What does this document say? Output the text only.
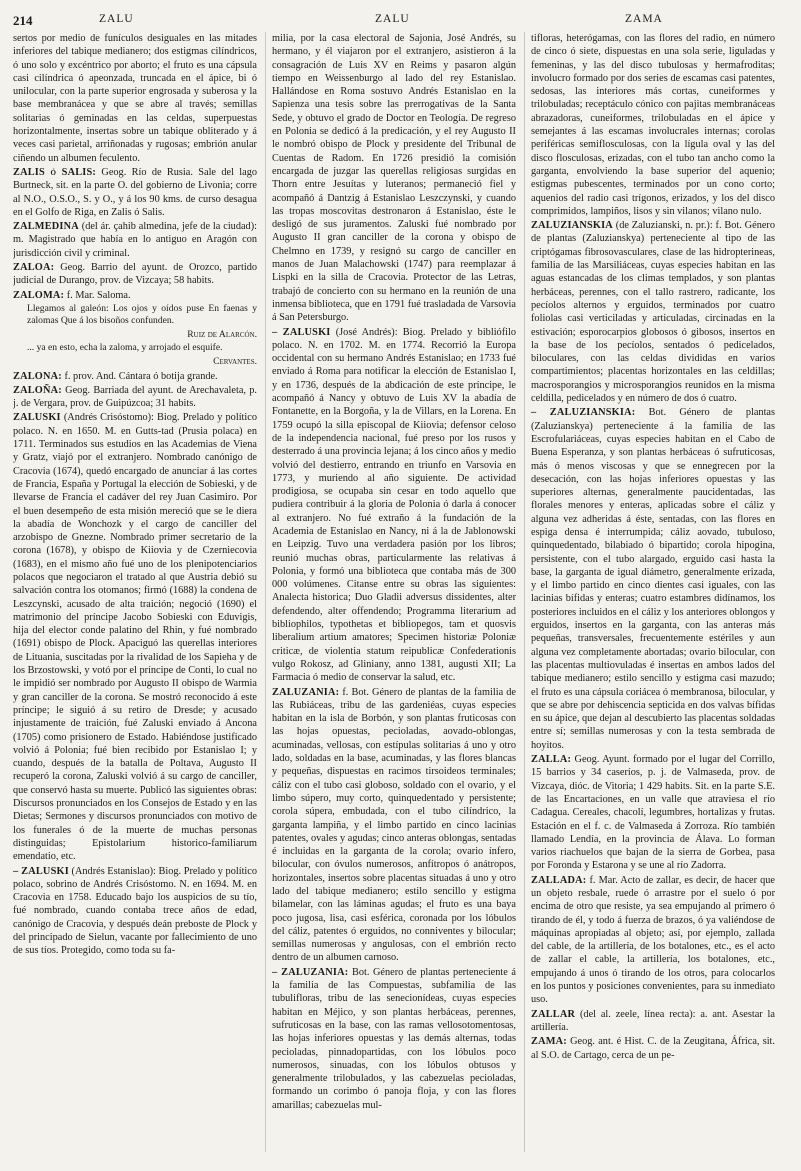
214	ZALU	ZALU	ZAMA

sertos por medio de funículos desiguales en las mitades inferiores del tabique medianero; dos estigmas cilíndricos, ó uno solo y excéntrico por aborto; el fruto es una cápsula casi cilíndrica ó apeonzada, truncada en el ápice, bi ó unilocular, con la parte superior engrosada y suberosa y la base membranácea y que se abre al través; semillas solitarias ó geminadas en las celdas, superpuestas horizontalmente, insertas sobre un tabique obliterado y á veces casi parietal, arriñonadas y rugosas; embrión anular ciñendo un albumen feculento.

ZALIS ó SALIS: Geog. Río de Rusia. Sale del lago Burtneck, sit. en la parte O. del gobierno de Livonia; corre al N.O., O.S.O., S. y O., y á los 90 kms. de curso desagua en el Golfo de Riga, en Zalis ó Salis.

ZALMEDINA (del ár. çahib almedina, jefe de la ciudad): m. Magistrado que había en lo antiguo en Aragón con jurisdicción civil y criminal.

ZALOA: Geog. Barrio del ayunt. de Orozco, partido judicial de Durango, prov. de Vizcaya; 58 habits.

ZALOMA: f. Mar. Saloma.

Llegamos al galeón: Los ojos y oídos puse En faenas y zalomas Que á los bisoños confunden.

Ruiz de Alarcón.

... ya en esto, echa la zaloma, y arrojado el esquife.

Cervantes.

ZALONA: f. prov. And. Cántara ó botija grande.

ZALOÑA: Geog. Barriada del ayunt. de Arechavaleta, p. j. de Vergara, prov. de Guipúzcoa; 31 habits.

ZALUSKI (Andrés Crisóstomo): Biog. Prelado y político polaco. N. en 1650. M. en Gutts-tad (Prusia polaca) en 1711. Terminados sus estudios en las Academias de Viena y Gratz, viajó por el extranjero. Nombrado canónigo de Cracovia (1674), quedó encargado de anunciar á las cortes de Francia, España y Portugal la elección de Sobieski, y de llevarse de Francia el cadáver del rey Juan Casimiro. Por el buen desempeño de esta misión mereció que se le diera la abadía de Wonchozk y el cargo de canciller del arzobispo de Gnezne. Nombrado primer secretario de la corona (1678), y obispo de Kiiovia y de Czerniecovia (1683), en el mismo año fué uno de los plenipotenciarios polacos que negociaron el tratado al que Austria debió su salvación contra los otomanos; firmó (1688) la condena de Leszcynski, acusado de alta traición; negoció (1690) el matrimonio del príncipe Jacobo Sobieski con Eduvigis, hija del elector conde palatino del Rhin, y fué nombrado (1691) obispo de Plock. Apaciguó las querellas interiores de Lituania, suscitadas por la rivalidad de los Sapieha y de los Brzostowski, y votó por el príncipe de Conti, lo cual no le impidió ser nombrado por Augusto II obispo de Warmia y gran canciller de la corona. Se mostró reconocido á este príncipe; le siguió á su retiro de Dresde; y acusado injustamente de traición, fué Zaluski enviado á Ancona (1705) como prisionero de Estado. Habiéndose justificado volvió á Polonia; fué bien recibido por Estanislao I; y cuando, después de la batalla de Poltava, Augusto II recuperó la corona, Zaluski volvió á su cargo de canciller, que conservó hasta su muerte. Publicó las siguientes obras: Discursos pronunciados en los Consejos de Estado y en las Dietas; Sermones y discursos pronunciados con motivo de los funerales ó de la muerte de muchas personas distinguidas; Epistolarium historico-familiarum emendatio, etc.

– ZALUSKI (Andrés Estanislao): Biog. Prelado y político polaco, sobrino de Andrés Crisóstomo. N. en 1694. M. en Cracovia en 1758. Educado bajo los auspicios de su tío, fué nombrado, cuando contaba trece años de edad, canónigo de Cracovia, y después deán preboste de Plock y del principado de Sielun, vacante por fallecimiento de uno de sus tíos. Protegido, como toda su fa-

milia, por la casa electoral de Sajonia, José Andrés, su hermano, y él viajaron por el extranjero, asistieron á la consagración de Luis XV en Reims y pasaron algún tiempo en Weissenburgo al lado del rey Estanislao. Hallándose en Roma sostuvo Andrés Estanislao en la Sapienza una tesis sobre las prerrogativas de la Santa Sede, y obtuvo el grado de Doctor en Teología. De regreso en Polonia se dedicó á la predicación, y el rey Augusto II le nombró obispo de Plock y presidente del Tribunal de Cuentas de Radom. En 1726 presidió la comisión encargada de juzgar las querellas religiosas surgidas en Thorn entre Jesuítas y luteranos; permaneció fiel y acompañó á Dantzig á Estanislao Leszczynski, y cuando las tropas moscovitas destronaron á Estanislao, éste le desligó de sus juramentos. Zaluski fué nombrado por Augusto II gran canciller de la corona y obispo de Chelmno en 1739, y resignó su cargo de canciller en manos de Juan Malachowski (1747) para reemplazar á Lispki en la silla de Cracovia. Protector de las Letras, trabajó de concierto con su hermano en la reunión de una inmensa biblioteca, que en 1791 fué trasladada de Varsovia á San Petersburgo.

– ZALUSKI (José Andrés): Biog. Prelado y bibliófilo polaco. N. en 1702. M. en 1774. Recorrió la Europa occidental con su hermano Andrés Estanislao; en 1733 fué enviado á Roma para notificar la elección de Estanislao I, y en 1736, después de la abdicación de este príncipe, le acompañó á Nancy y obtuvo de Luis XV la abadía de Fontanette, en la Borgoña, y la de Villars, en la Lorena. En 1759 ocupó la silla episcopal de Kiiovia; defensor celoso de la independencia nacional, fué preso por los rusos y desterrado á una provincia lejana; á los cinco años y medio volvió del destierro, entrando en triunfo en Varsovia en 1773, y muriendo al año siguiente. De actividad prodigiosa, se ocupaba sin cesar en todo aquello que pudiera contribuir á la gloria de Polonia ó darla á conocer al extranjero. No fué extraño á la fundación de la Academia de Estanislao en Nancy, ni á la de Jablonowski en Leipzig. Tuvo una verdadera pasión por los libros; reunió muchas obras, particularmente las relativas á Polonia, y formó una biblioteca que contaba más de 300 000 volúmenes. Citanse entre su obras las siguientes: Analecta historica; Duo Gladii adversus dissidentes, alter defendendo, alter offendendo; Programma literarium ad bibliophilos, typothetas et bibliopegos, tam et quosvis liberalium artium amatores; Specimen historiæ Poloniæ criticæ, de violentia statum reipublicæ Confederationis vulgo Rokosz, ad Gliniany, anno 1381, augusti XII; La Farmacia ó medio de conservar la salud, etc.

ZALUZANIA: f. Bot. Género de plantas de la familia de las Rubiáceas, tribu de las gardeniéas, cuyas especies habitan en la isla de Borbón, y son plantas fruticosas con las hojas opuestas, pecioladas, aovado-oblongas, acuminadas, vellosas, con estípulas solitarias á uno y otro lado, soldadas en la base, acuminadas, y las flores blancas y pequeñas, dispuestas en racimos tirsoideos terminales; cáliz con el tubo casi globoso, soldado con el ovario, y el limbo súpero, muy corto, quinquedentado y persistente; corola súpera, embudada, con el tubo cilíndrico, la garganta lampiña, y el limbo partido en cinco lacinias patentes, ovales y agudas; cinco anteras oblongas, sentadas é incluidas en la garganta de la corola; ovario ínfero, bilocular, con óvulos numerosos, anfítropos ó anátropos, horizontales, insertos sobre placentas situadas á uno y otro lado del tabique medianero; estilo sencillo y estigma bilamelar, con las láminas agudas; el fruto es una baya poco jugosa, lisa, casi esférica, coronada por los lóbulos del cáliz, patentes ó erguidos, no conniventes y bilocular; semillas numerosas y angulosas, con el embrión recto dentro de un albumen carnoso.

– ZALUZANIA: Bot. Género de plantas perteneciente á la familia de las Compuestas, subfamilia de las tubulifloras, tribu de las senecionídeas, cuyas especies habitan en Méjico, y son plantas herbáceas, perennes, sufruticosas en la base, con las ramas vellosotomentosas, las hojas inferiores opuestas y las demás alternas, todas pecioladas, pinnadopartidas, con los lóbulos poco numerosos, sinuadas, con los lóbulos obtusos y generalmente trilobulados, y las cabezuelas pecioladas, formando un corimbo ó panoja floja, y con las flores amarillas; cabezuelas mul-

tifloras, heterógamas, con las flores del radio, en número de cinco ó siete, dispuestas en una sola serie, liguladas y femeninas, y las del disco tubulosas y hermafroditas; involucro formado por dos series de escamas casi patentes, sedosas, las interiores más cortas, cuneiformes y trilobuladas; receptáculo cónico con pajitas membranáceas abrazadoras, cuneiformes, trilobuladas en el ápice y semejantes á las escamas involucrales internas; corolas periféricas semiflosculosas, con la lígula oval y las del disco flosculosas, erizadas, con el tubo tan ancho como la garganta, envolviendo la base superior del aquenio; estigmas pubescentes, terminados por un cono corto; aquenios del radio casi trígonos, erizados, y los del disco comprimidos, lampiños, lisos y sin vilanos; vilano nulo.

ZALUZIANSKIA (de Zaluzianski, n. pr.): f. Bot. Género de plantas (Zaluzianskya) perteneciente al tipo de las criptógamas fibrosovasculares, clase de las hidropterineas, familia de las Marsiliáceas, cuyas especies habitan en las aguas estancadas de los climas templados, y son plantas herbáceas, perennes, con el tallo rastrero, radicante, los pecíolos alternos y erguidos, terminados por cuatro foliolas casi verticiladas y articuladas, circinadas en la estivación; esporocarpios globosos ó gibosos, insertos en la base de los pecíolos, sentados ó pedicelados, biloculares, con las celdas divididas en varios compartimientos; placentas horizontales en las celdillas; macrosporangios y microsporangios reunidos en la misma celdilla, pedicelados y en número de dos ó cuatro.

– ZALUZIANSKIA: Bot. Género de plantas (Zaluzianskya) perteneciente á la familia de las Escrofulariáceas, cuyas especies habitan en el Cabo de Buena Esperanza, y son plantas herbáceas ó sufruticosas, más ó menos viscosas y que se ennegrecen por la desecación, con las hojas inferiores opuestas y las superiores alternas, generalmente paucidentadas, las florales menores y enteras, aplicadas sobre el cáliz y alguna vez adheridas á éste, sentadas, con las flores en espiga densa é interrumpida; cáliz aovado, tubuloso, quinquedentado, bilabiado ó bipartido; corola hipogina, persistente, con el tubo alargado, erguido casi hasta la base, la garganta de igual diámetro, generalmente erizada, y el limbo partido en cinco dientes casi iguales, con las lacinias bífidas y enteras; cuatro estambres didínamos, los posteriores incluidos en el cáliz y los anteriores oblongos y erguidos, insertos en la garganta, con las anteras más pequeñas, transversales, frecuentemente estériles y aun alguna vez completamente abortadas; ovario bilocular, con las placentas multiovuladas é insertas en ambos lados del tabique medianero; estilo sencillo y estigma casi mazudo; el fruto es una cápsula coriácea ó membranosa, bilocular, y que se abre por dehiscencia septicida en dos valvas bífidas en su ápice, que dejan al descubierto las placentas soldadas entre sí; semillas numerosas y con la testa sembrada de hoyitos.

ZALLA: Geog. Ayunt. formado por el lugar del Corrillo, 15 barrios y 34 caseríos, p. j. de Valmaseda, prov. de Vizcaya, dióc. de Vitoria; 1 429 habits. Sit. en la parte S.E. de las Encartaciones, en un valle que atraviesa el río Cadagua. Cereales, chacolí, legumbres, hortalizas y frutas. Estación en el f. c. de Valmaseda á Zorroza. Río también llamado Lendía, en la provincia de Álava. Lo forman varios riachuelos que bajan de la sierra de Gorbea, pasa por Foronda y Estarona y se une al río Zadorra.

ZALLADA: f. Mar. Acto de zallar, es decir, de hacer que un objeto resbale, ruede ó arrastre por el suelo ó por encima de otro que resiste, ya sea empujando al primero ó tirando de él, y todo á fuerza de brazos, ó ya valiéndose de máquinas apropiadas al objeto; así, por ejemplo, zallada del cable, de la artillería, de los botalones, etc., es el acto de zallar el cable, la artillería, los botalones, etc., empujando á unos ó tirando de los otros, para colocarlos en los puntos y posiciones convenientes, para su inmediato uso.

ZALLAR (del al. zeele, línea recta): a. ant. Asestar la artillería.

ZAMA: Geog. ant. é Hist. C. de la Zeugitana, África, sit. al S.O. de Cartago, cerca de un pe-
